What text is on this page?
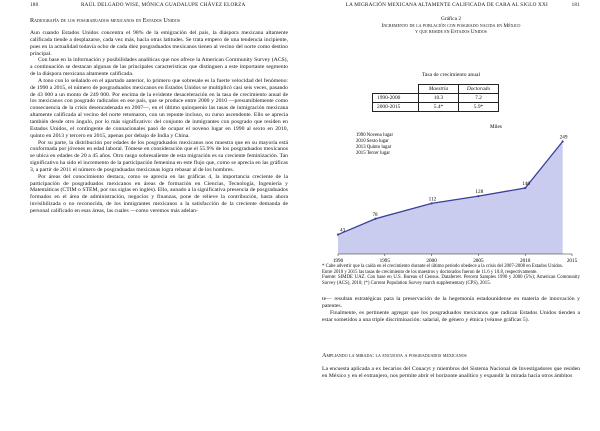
180	RAÚL DELGADO WISE, MÓNICA GUADALUPE CHÁVEZ ELORZA
Radiografía de los posgraduados mexicanos en Estados Unidos

Aun cuando Estados Unidos concentra el 98% de la emigración del país, la diáspora mexicana altamente calificada tiende a desplazarse, cada vez más, hacia otras latitudes. Se trata empero de una tendencia incipiente, pues en la actualidad todavía ocho de cada diez posgraduados mexicanos tienen al vecino del norte como destino principal.

Con base en la información y posibilidades analíticas que nos ofrece la American Community Survey (ACS), a continuación se destacan algunas de las principales características que distinguen a este importante segmento de la diáspora mexicana altamente calificada.

A tono con lo señalado en el apartado anterior, lo primero que sobresale es la fuerte velocidad del fenómeno: de 1990 a 2015, el número de posgraduados mexicanos en Estados Unidos se multiplicó casi seis veces, pasando de 43 000 a un monto de 249 000. Por encima de la evidente desaceleración en la tasa de crecimiento anual de los mexicanos con posgrado radicados en ese país, que se produce entre 2000 y 2010 —presumiblemente como consecuencia de la crisis desencadenada en 2007—, en el último quinquenio las tasas de inmigración mexicana altamente calificada al vecino del norte retomaron, con un repunte incluso, su curso ascendente. Ello se aprecia también desde otro ángulo, por lo más significativo: del conjunto de inmigrantes con posgrado que residen en Estados Unidos, el contingente de connacionales pasó de ocupar el noveno lugar en 1990 al sexto en 2010, quinto en 2013 y tercero en 2015, apenas por debajo de India y China.

Por su parte, la distribución por edades de los posgraduados mexicanos nos muestra que en su mayoría está conformada por jóvenes en edad laboral. Tómese en consideración que el 55.9% de los posgraduados mexicanos se ubica en edades de 20 a 45 años. Otro rasgo sobresaliente de esta migración es su creciente feminización. Tan significativo ha sido el incremento de la participación femenina en este flujo que, como se aprecia en las gráficas 3, a partir de 2011 el número de posgraduadas mexicanas logra rebasar al de los hombres.

Por áreas del conocimiento destaca, como se aprecia en las gráficas 4, la importancia creciente de la participación de posgraduados mexicanos en áreas de formación en Ciencias, Tecnología, Ingeniería y Matemáticas (CTIM o STEM, por sus siglas en inglés). Ello, aunado a la significativa presencia de posgraduados formados en el área de administración, negocios y finanzas, pone de relieve la contribución, hasta ahora invisibilizada o no reconocida, de los inmigrantes mexicanos a la satisfacción de la creciente demanda de personal calificado en esas áreas, las cuales —como veremos más adelan-

LA MIGRACIÓN MEXICANA ALTAMENTE CALIFICADA DE CARA AL SIGLO XXI	181
Gráfica 2
Incremento de la población con posgrado nacida en México
y que reside en Estados Unidos
Tasa de crecimiento anual
	Maestría	Doctorado
1990-2000	10.3	7.2
2000-2015	5.4*	5.9*
Miles
1990 Noveno lugar
2010 Sexto lugar
2013 Quinto lugar
2015 Tercer lugar
43
78
112
128
146
249
1990	1995	2000	2005	2010	2015
* Cabe advertir que la caída en el crecimiento durante el último periodo obedece a la crisis del 2007-2008 en Estados Unidos.
Entre 2010 y 2015 las tasas de crecimiento de los maestros y doctorados fueron de 11.6 y 10.8, respectivamente.
Fuente: SIMDE UAZ. Con base en U.S. Bureau of Census. Dataferret. Percent Samples 1990 y 2000 (5%); American Community Survey (ACS), 2010; (*) Current Population Survey march supplementary (CPS), 2015.

te— resultan estratégicas para la preservación de la hegemonía estadounidense en materia de innovación y patentes.

Finalmente, es pertinente agregar que los posgraduados mexicanos que radican Estados Unidos tienden a estar sometidos a una triple discriminación: salarial, de género y étnica (véanse gráficas 5).

Ampliando la mirada: la encuesta a posgraduados mexicanos

La encuesta aplicada a ex becarios del Conacyt y miembros del Sistema Nacional de Investigadores que residen en México y en el extranjero, nos permite abrir el horizonte analítico y expandir la mirada hacia otros ámbitos
